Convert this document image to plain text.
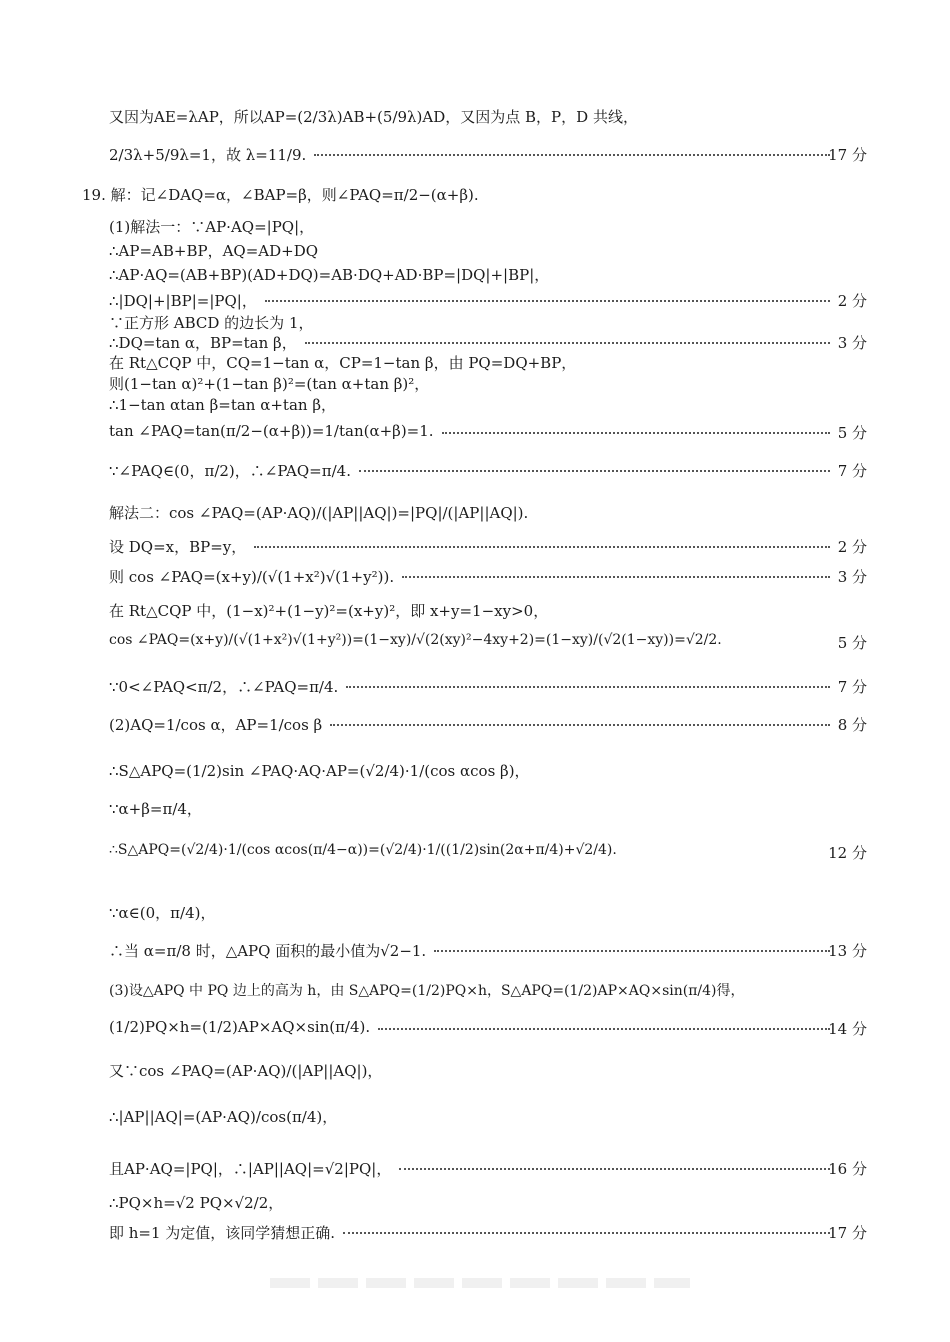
又因为AE=λAP，所以AP=(2/3λ)AB+(5/9λ)AD，又因为点 B，P，D 共线，
2/3λ+5/9λ=1，故 λ=11/9.	17 分
19. 解：记∠DAQ=α，∠BAP=β，则∠PAQ=π/2−(α+β).
(1)解法一：∵AP·AQ=|PQ|，
∴AP=AB+BP，AQ=AD+DQ
∴AP·AQ=(AB+BP)(AD+DQ)=AB·DQ+AD·BP=|DQ|+|BP|，
∴|DQ|+|BP|=|PQ|，	2 分
∵正方形 ABCD 的边长为 1，
∴DQ=tan α，BP=tan β，	3 分
在 Rt△CQP 中，CQ=1−tan α，CP=1−tan β，由 PQ=DQ+BP，
则(1−tan α)²+(1−tan β)²=(tan α+tan β)²，
∴1−tan αtan β=tan α+tan β，
tan ∠PAQ=tan(π/2−(α+β))=1/tan(α+β)=1.	5 分
∵∠PAQ∈(0，π/2)，∴∠PAQ=π/4.	7 分
解法二：cos ∠PAQ=(AP·AQ)/(|AP||AQ|)=|PQ|/(|AP||AQ|).
设 DQ=x，BP=y，	2 分
则 cos ∠PAQ=(x+y)/(√(1+x²)√(1+y²)).	3 分
在 Rt△CQP 中，(1−x)²+(1−y)²=(x+y)²，即 x+y=1−xy>0，
cos ∠PAQ=(x+y)/(√(1+x²)√(1+y²))=(1−xy)/√(2(xy)²−4xy+2)=(1−xy)/(√2(1−xy))=√2/2.	5 分
∵0<∠PAQ<π/2，∴∠PAQ=π/4.	7 分
(2)AQ=1/cos α，AP=1/cos β	8 分
∴S△APQ=(1/2)sin ∠PAQ·AQ·AP=(√2/4)·1/(cos αcos β)，
∵α+β=π/4，
∴S△APQ=(√2/4)·1/(cos αcos(π/4−α))=(√2/4)·1/((1/2)sin(2α+π/4)+√2/4).	12 分
∵α∈(0，π/4)，
∴当 α=π/8 时，△APQ 面积的最小值为√2−1.	13 分
(3)设△APQ 中 PQ 边上的高为 h，由 S△APQ=(1/2)PQ×h，S△APQ=(1/2)AP×AQ×sin(π/4)得，
(1/2)PQ×h=(1/2)AP×AQ×sin(π/4).	14 分
又∵cos ∠PAQ=(AP·AQ)/(|AP||AQ|)，
∴|AP||AQ|=(AP·AQ)/cos(π/4)，
且AP·AQ=|PQ|，∴|AP||AQ|=√2|PQ|，	16 分
∴PQ×h=√2 PQ×√2/2，
即 h=1 为定值，该同学猜想正确.	17 分
